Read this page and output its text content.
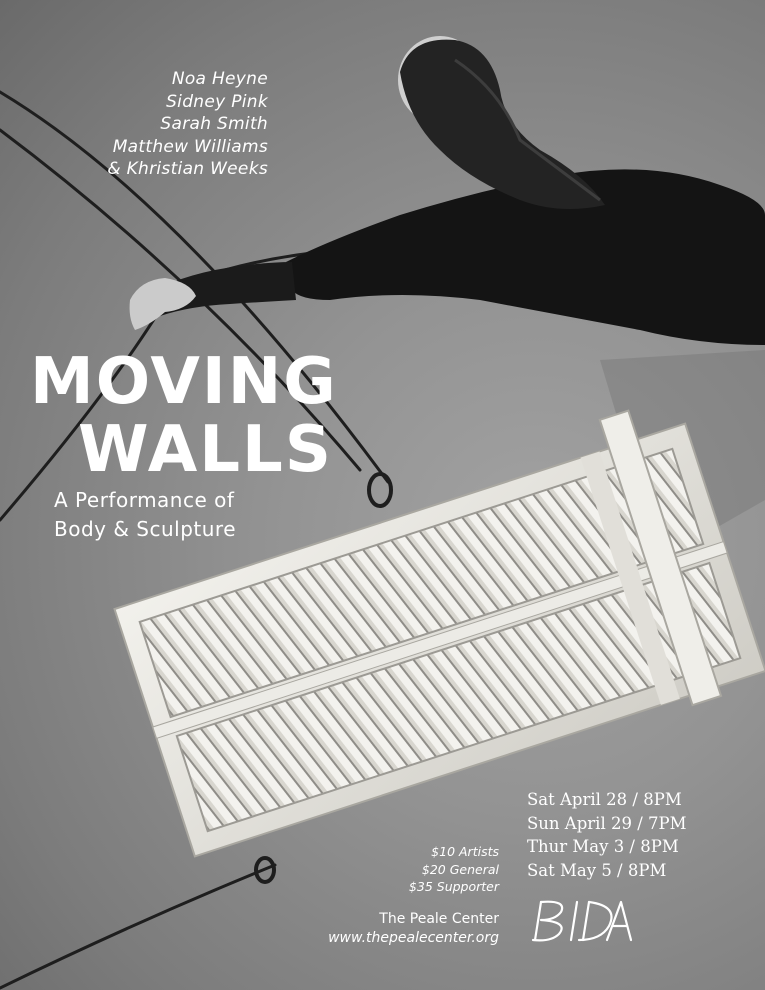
Noa Heyne
Sidney Pink
Sarah Smith
Matthew Williams
& Khristian Weeks
MOVING
WALLS
A Performance of
Body & Sculpture
Sat April 28 / 8PM
Sun April 29 / 7PM
Thur May 3 / 8PM
Sat May 5 / 8PM
$10 Artists
$20 General
$35 Supporter
The Peale Center
www.thepealecenter.org
